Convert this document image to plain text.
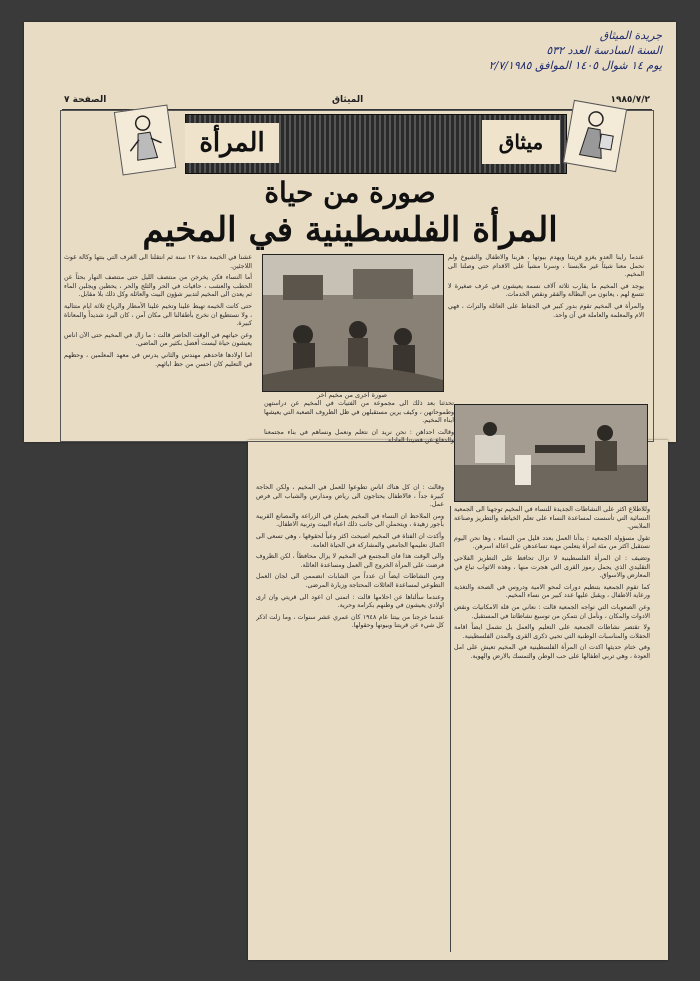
جريدة الميثاق
السنة السادسة العدد ٥٣٢
يوم ١٤ شوال ١٤٠٥ الموافق ٢/٧/١٩٨٥
الصفحة ٧	الميثاق	١٩٨٥/٧/٢
المرأة	ميثاق
صورة من حياة
المرأة الفلسطينية في المخيم

عشنا في الخيمة مدة ١٢ سنة ثم انتقلنا الى الغرف التي بنتها وكالة غوث اللاجئين.

أما النساء فكن يخرجن من منتصف الليل حتى منتصف النهار بحثاً عن الحطب والعشب ، حافيات في الحر والثلج والحر ، يحطبن ويجلبن الماء ثم يعدن الى المخيم لتدبير شؤون البيت والعائلة وكل ذلك بلا مقابل.

حتى كانت الخيمة تهبط علينا وتخيم علينا الأمطار والرياح ثلاثة ايام متتالية ، ولا نستطيع ان نخرج بأطفالنا الى مكان آمن ، كان البرد شديداً والمعاناة كبيرة.

وعن حياتهم في الوقت الحاضر قالت : ما زال في المخيم حتى الآن اناس يعيشون حياة ليست أفضل بكثير من الماضي.

اما اولادها فاحدهم مهندس والثاني يدرس في معهد المعلمين ، وحظهم في التعليم كان احسن من حظ ابائهم.

صورة اخرى من مخيم آخر

عندما رأينا العدو يغزو قريتنا ويهدم بيوتها ، هربنا والاطفال والشيوخ ولم نحمل معنا شيئاً غير ملابسنا ، وسرنا مشياً على الاقدام حتى وصلنا الى المخيم.

يوجد في المخيم ما يقارب ثلاثة آلاف نسمة يعيشون في غرف صغيرة لا تتسع لهم ، يعانون من البطالة والفقر ونقص الخدمات.

والمرأة في المخيم تقوم بدور كبير في الحفاظ على العائلة والتراث ، فهي الام والمعلمة والعاملة في آن واحد.

تحدثنا بعد ذلك الى مجموعة من الفتيات في المخيم عن دراستهن وطموحاتهن ، وكيف يرين مستقبلهن في ظل الظروف الصعبة التي يعيشها ابناء المخيم.

وقالت احداهن : نحن نريد ان نتعلم ونعمل ونساهم في بناء مجتمعنا والدفاع عن قضيتنا العادلة.

وللاطلاع اكثر على النشاطات الجديدة للنساء في المخيم توجهنا الى الجمعية النسائية التي تأسست لمساعدة النساء على تعلم الخياطة والتطريز وصناعة الملابس.

تقول مسؤولة الجمعية : بدأنا العمل بعدد قليل من النساء ، وها نحن اليوم نستقبل اكثر من مئة امرأة يتعلمن مهنة تساعدهن على اعالة اسرهن.

وتضيف : ان المرأة الفلسطينية لا تزال تحافظ على التطريز الفلاحي التقليدي الذي يحمل رموز القرى التي هجرت منها ، وهذه الاثواب تباع في المعارض والاسواق.

كما تقوم الجمعية بتنظيم دورات لمحو الامية ودروس في الصحة والتغذية ورعاية الاطفال ، ويقبل عليها عدد كبير من نساء المخيم.

وعن الصعوبات التي تواجه الجمعية قالت : نعاني من قلة الامكانيات ونقص الادوات والمكان ، ونأمل ان نتمكن من توسيع نشاطاتنا في المستقبل.

ولا تقتصر نشاطات الجمعية على التعليم والعمل بل تشمل ايضاً اقامة الحفلات والمناسبات الوطنية التي تحيي ذكرى القرى والمدن الفلسطينية.

وفي ختام حديثها اكدت ان المرأة الفلسطينية في المخيم تعيش على امل العودة ، وهي تربي اطفالها على حب الوطن والتمسك بالارض والهوية.

وقالت : ان كل هناك اناس تطوعوا للعمل في المخيم ، ولكن الحاجة كبيرة جداً ، فالاطفال يحتاجون الى رياض ومدارس والشباب الى فرص عمل.

ومن الملاحظ ان النساء في المخيم يعملن في الزراعة والمصانع القريبة بأجور زهيدة ، ويتحملن الى جانب ذلك اعباء البيت وتربية الاطفال.

وأكدت ان الفتاة في المخيم اصبحت اكثر وعياً لحقوقها ، وهي تسعى الى اكمال تعليمها الجامعي والمشاركة في الحياة العامة.

والى الوقت هذا فان المجتمع في المخيم لا يزال محافظاً ، لكن الظروف فرضت على المرأة الخروج الى العمل ومساعدة العائلة.

ومن النشاطات ايضاً ان عدداً من الشابات انضممن الى لجان العمل التطوعي لمساعدة العائلات المحتاجة وزيارة المرضى.

وعندما سألناها عن احلامها قالت : اتمنى ان اعود الى قريتي وان ارى اولادي يعيشون في وطنهم بكرامة وحرية.

عندما خرجنا من بيتنا عام ١٩٤٨ كان عمري عشر سنوات ، وما زلت اذكر كل شيء عن قريتنا وبيوتها وحقولها.
